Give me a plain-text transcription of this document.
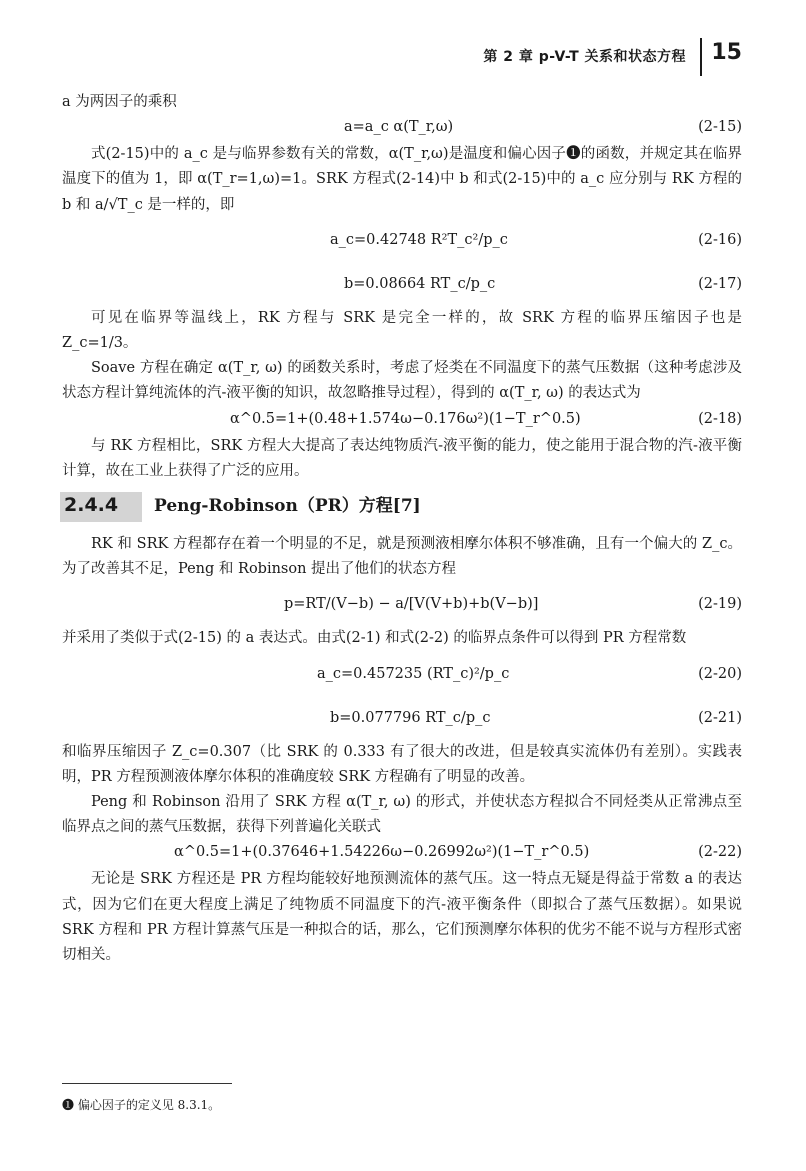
第 2 章 p-V-T 关系和状态方程 15
a 为两因子的乘积
a=a_c α(T_r,ω)	(2-15)
式(2-15)中的 a_c 是与临界参数有关的常数，α(T_r,ω)是温度和偏心因子❶的函数，并规定其在临界温度下的值为 1，即 α(T_r=1,ω)=1。SRK 方程式(2-14)中 b 和式(2-15)中的 a_c 应分别与 RK 方程的 b 和 a/√T_c 是一样的，即
a_c=0.42748 R²T_c²/p_c	(2-16)
b=0.08664 RT_c/p_c	(2-17)
可见在临界等温线上，RK 方程与 SRK 是完全一样的，故 SRK 方程的临界压缩因子也是 Z_c=1/3。
Soave 方程在确定 α(T_r, ω) 的函数关系时，考虑了烃类在不同温度下的蒸气压数据（这种考虑涉及状态方程计算纯流体的汽-液平衡的知识，故忽略推导过程），得到的 α(T_r, ω) 的表达式为
α^0.5=1+(0.48+1.574ω−0.176ω²)(1−T_r^0.5)	(2-18)
与 RK 方程相比，SRK 方程大大提高了表达纯物质汽-液平衡的能力，使之能用于混合物的汽-液平衡计算，故在工业上获得了广泛的应用。
2.4.4 Peng-Robinson（PR）方程[7]
RK 和 SRK 方程都存在着一个明显的不足，就是预测液相摩尔体积不够准确，且有一个偏大的 Z_c。为了改善其不足，Peng 和 Robinson 提出了他们的状态方程
p=RT/(V−b) − a/[V(V+b)+b(V−b)]	(2-19)
并采用了类似于式(2-15) 的 a 表达式。由式(2-1) 和式(2-2) 的临界点条件可以得到 PR 方程常数
a_c=0.457235 (RT_c)²/p_c	(2-20)
b=0.077796 RT_c/p_c	(2-21)
和临界压缩因子 Z_c=0.307（比 SRK 的 0.333 有了很大的改进，但是较真实流体仍有差别）。实践表明，PR 方程预测液体摩尔体积的准确度较 SRK 方程确有了明显的改善。
Peng 和 Robinson 沿用了 SRK 方程 α(T_r, ω) 的形式，并使状态方程拟合不同烃类从正常沸点至临界点之间的蒸气压数据，获得下列普遍化关联式
α^0.5=1+(0.37646+1.54226ω−0.26992ω²)(1−T_r^0.5)	(2-22)
无论是 SRK 方程还是 PR 方程均能较好地预测流体的蒸气压。这一特点无疑是得益于常数 a 的表达式，因为它们在更大程度上满足了纯物质不同温度下的汽-液平衡条件（即拟合了蒸气压数据）。如果说 SRK 方程和 PR 方程计算蒸气压是一种拟合的话，那么，它们预测摩尔体积的优劣不能不说与方程形式密切相关。
❶ 偏心因子的定义见 8.3.1。
